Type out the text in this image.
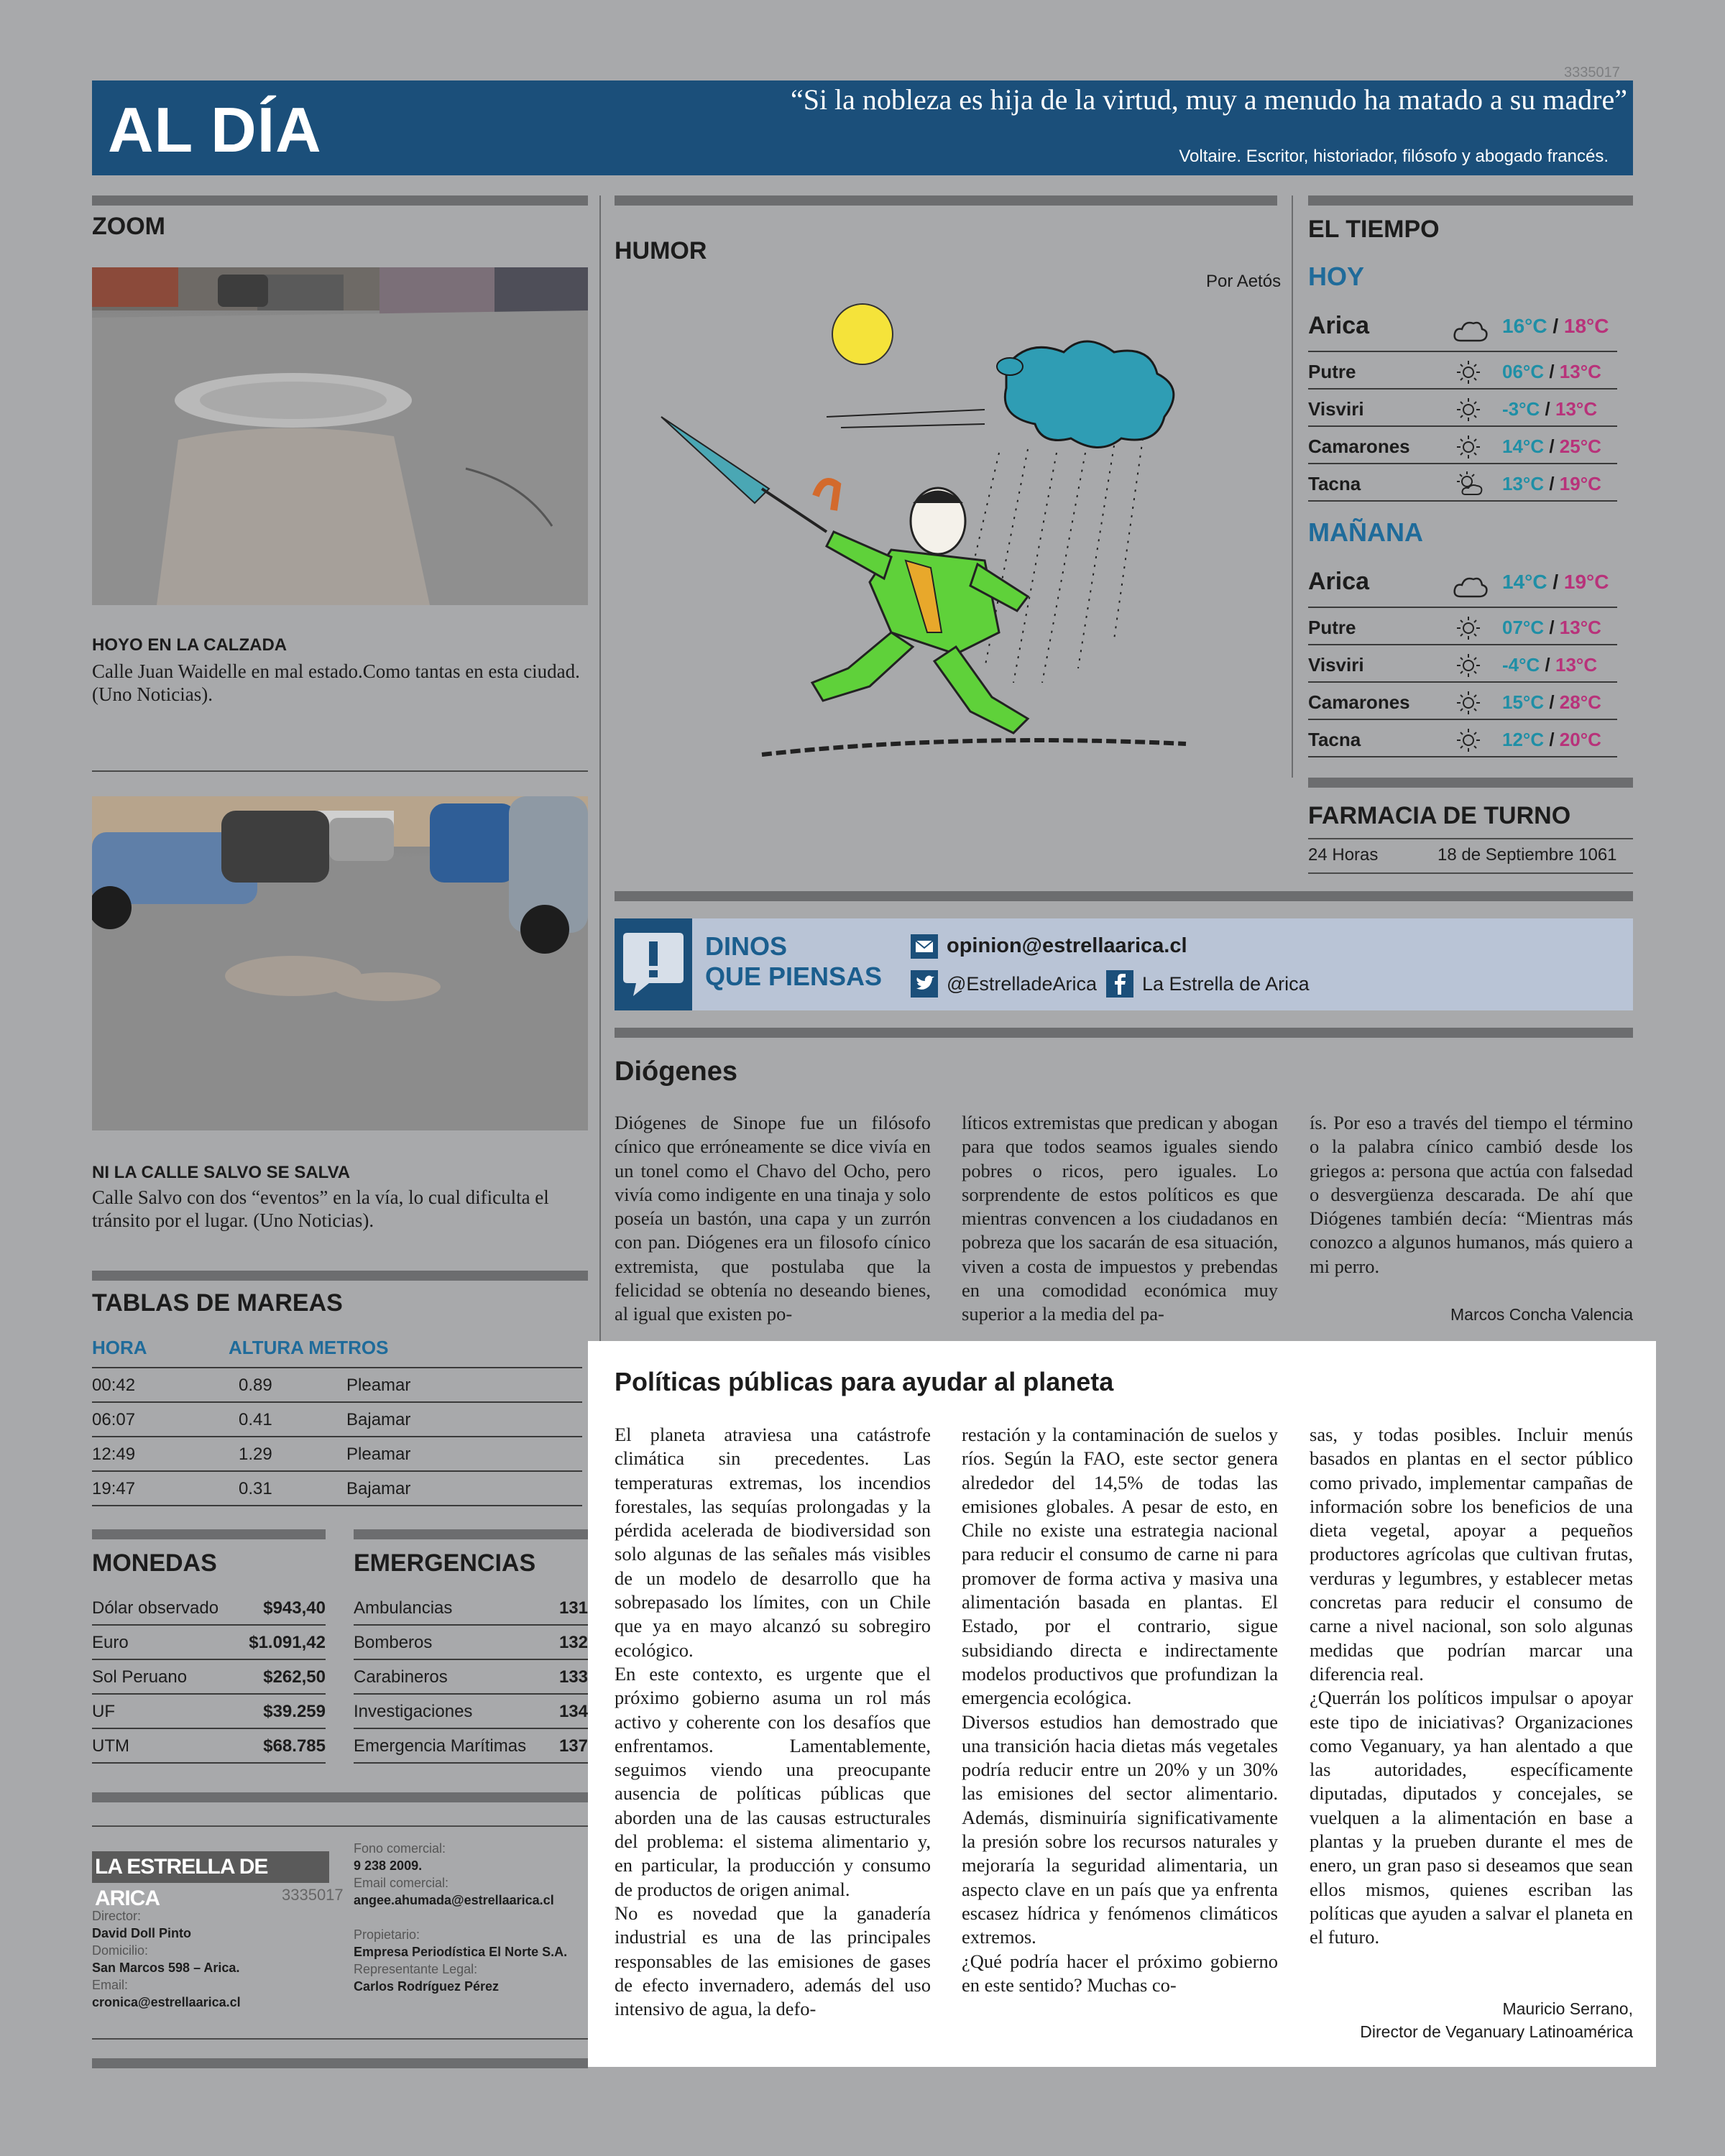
AL DÍA	“Si la nobleza es hija de la virtud, muy a menudo ha matado a su madre”
Voltaire. Escritor, historiador, filósofo y abogado francés.
3335017
ZOOM
HOYO EN LA CALZADA
Calle Juan Waidelle en mal estado.Como tantas en esta ciudad. (Uno Noticias).
NI LA CALLE SALVO SE SALVA
Calle Salvo con dos “eventos” en la vía, lo cual dificulta el tránsito por el lugar. (Uno Noticias).
TABLAS DE MAREAS
HORA	ALTURA METROS
00:42	0.89	Pleamar
06:07	0.41	Bajamar
12:49	1.29	Pleamar
19:47	0.31	Bajamar
MONEDAS
Dólar observado	$943,40
Euro	$1.091,42
Sol Peruano	$262,50
UF	$39.259
UTM	$68.785
EMERGENCIAS
Ambulancias	131
Bomberos	132
Carabineros	133
Investigaciones	134
Emergencia Marítimas 137
LA ESTRELLA DE ARICA	3335017
Director:
David Doll Pinto
Domicilio:
San Marcos 598 – Arica.
Email:
cronica@estrellaarica.cl
Fono comercial:
9 238 2009.
Email comercial:
angee.ahumada@estrellaarica.cl
Propietario:
Empresa Periodística El Norte S.A.
Representante Legal:
Carlos Rodríguez Pérez
HUMOR
Por Aetós
DINOS
QUE PIENSAS
opinion@estrellaarica.cl
@EstrelladeArica La Estrella de Arica
Diógenes
Diógenes de Sinope fue un filósofo cínico que erróneamente se dice vivía en un tonel como el Chavo del Ocho, pero vivía como indigente en una tinaja y solo poseía un bastón, una capa y un zurrón con pan. Diógenes era un filosofo cínico extremista, que postulaba que la felicidad se obtenía no deseando bienes, al igual que existen po-
líticos extremistas que predican y abogan para que todos seamos iguales siendo pobres o ricos, pero iguales. Lo sorprendente de estos políticos es que mientras convencen a los ciudadanos en pobreza que los sacarán de esa situación, viven a costa de impuestos y prebendas en una comodidad económica muy superior a la media del pa-
ís. Por eso a través del tiempo el término o la palabra cínico cambió desde los griegos a: persona que actúa con falsedad o desvergüenza descarada. De ahí que Diógenes también decía: “Mientras más conozco a algunos humanos, más quiero a mi perro.
Marcos Concha Valencia
EL TIEMPO
HOY
Arica	16°C / 18°C
Putre	06°C / 13°C
Visviri	-3°C / 13°C
Camarones	14°C / 25°C
Tacna	13°C / 19°C
MAÑANA
Arica	14°C / 19°C
Putre	07°C / 13°C
Visviri	-4°C / 13°C
Camarones	15°C / 28°C
Tacna	12°C / 20°C
FARMACIA DE TURNO
24 Horas	18 de Septiembre 1061
Políticas públicas para ayudar al planeta
El planeta atraviesa una catástrofe climática sin precedentes. Las temperaturas extremas, los incendios forestales, las sequías prolongadas y la pérdida acelerada de biodiversidad son solo algunas de las señales más visibles de un modelo de desarrollo que ha sobrepasado los límites, con un Chile que ya en mayo alcanzó su sobregiro ecológico.
En este contexto, es urgente que el próximo gobierno asuma un rol más activo y coherente con los desafíos que enfrentamos. Lamentablemente, seguimos viendo una preocupante ausencia de políticas públicas que aborden una de las causas estructurales del problema: el sistema alimentario y, en particular, la producción y consumo de productos de origen animal.
No es novedad que la ganadería industrial es una de las principales responsables de las emisiones de gases de efecto invernadero, además del uso intensivo de agua, la defo-
restación y la contaminación de suelos y ríos. Según la FAO, este sector genera alrededor del 14,5% de todas las emisiones globales. A pesar de esto, en Chile no existe una estrategia nacional para reducir el consumo de carne ni para promover de forma activa y masiva una alimentación basada en plantas. El Estado, por el contrario, sigue subsidiando directa e indirectamente modelos productivos que profundizan la emergencia ecológica.
Diversos estudios han demostrado que una transición hacia dietas más vegetales podría reducir entre un 20% y un 30% las emisiones del sector alimentario. Además, disminuiría significativamente la presión sobre los recursos naturales y mejoraría la seguridad alimentaria, un aspecto clave en un país que ya enfrenta escasez hídrica y fenómenos climáticos extremos.
¿Qué podría hacer el próximo gobierno en este sentido? Muchas co-
sas, y todas posibles. Incluir menús basados en plantas en el sector público como privado, implementar campañas de información sobre los beneficios de una dieta vegetal, apoyar a pequeños productores agrícolas que cultivan frutas, verduras y legumbres, y establecer metas concretas para reducir el consumo de carne a nivel nacional, son solo algunas medidas que podrían marcar una diferencia real.
¿Querrán los políticos impulsar o apoyar este tipo de iniciativas? Organizaciones como Veganuary, ya han alentado a que las autoridades, específicamente diputadas, diputados y concejales, se vuelquen a la alimentación en base a plantas y la prueben durante el mes de enero, un gran paso si deseamos que sean ellos mismos, quienes escriban las políticas que ayuden a salvar el planeta en el futuro.
Mauricio Serrano,
Director de Veganuary Latinoamérica
